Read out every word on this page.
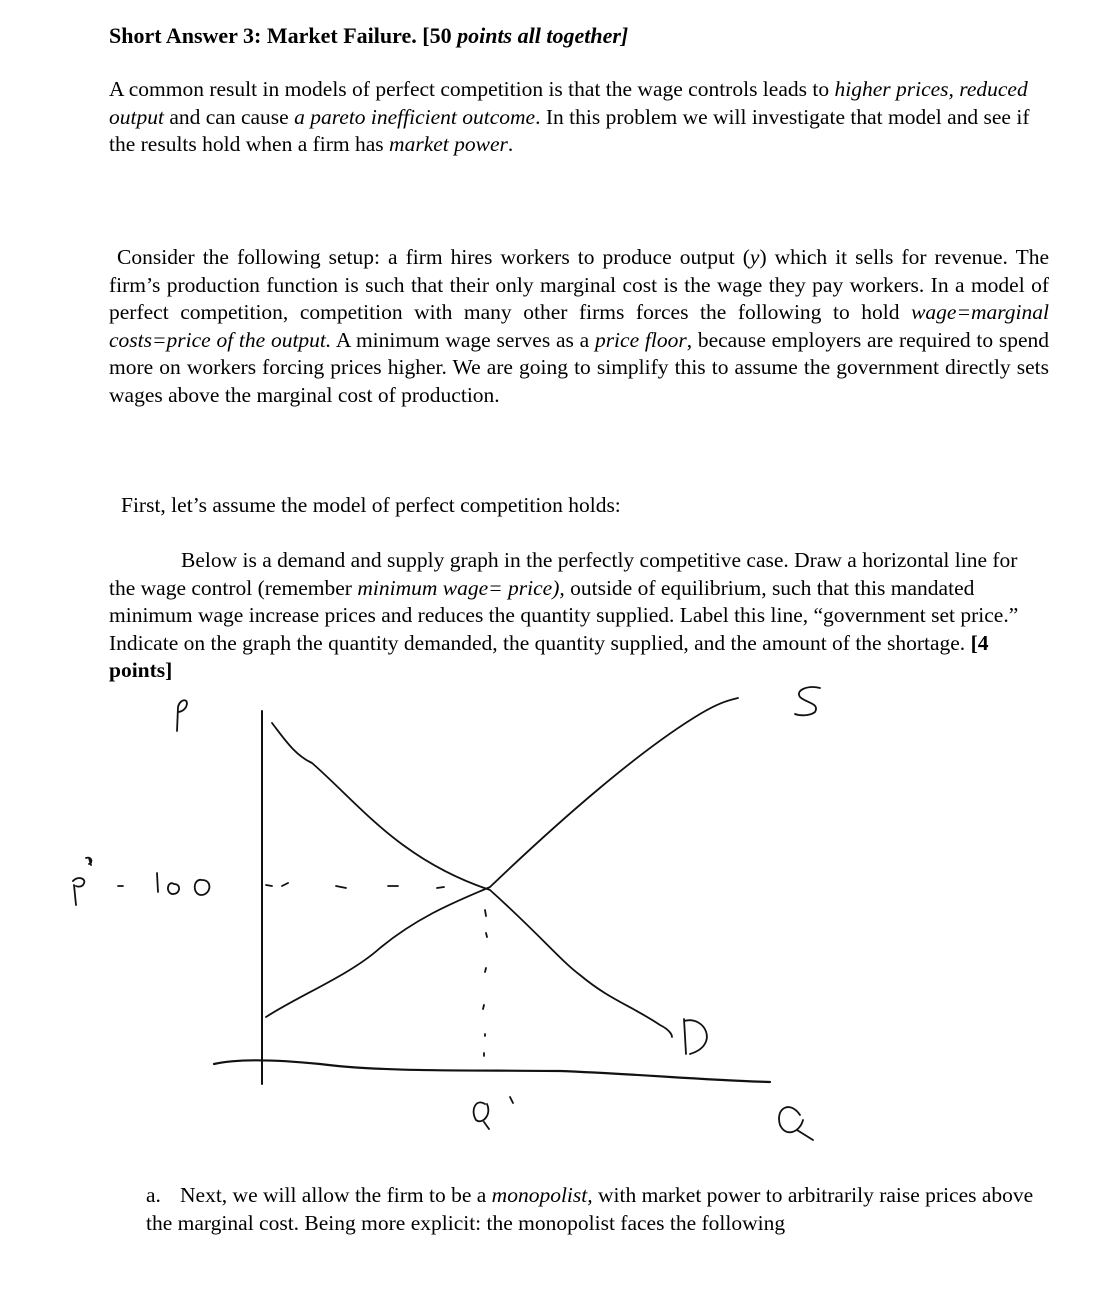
Short Answer 3: Market Failure. [50 points all together]

A common result in models of perfect competition is that the wage controls leads to higher prices, reduced output and can cause a pareto inefficient outcome. In this problem we will investigate that model and see if the results hold when a firm has market power.

Consider the following setup: a firm hires workers to produce output (y) which it sells for revenue. The firm’s production function is such that their only marginal cost is the wage they pay workers. In a model of perfect competition, competition with many other firms forces the following to hold wage=marginal costs=price of the output. A minimum wage serves as a price floor, because employers are required to spend more on workers forcing prices higher. We are going to simplify this to assume the government directly sets wages above the marginal cost of production.

First, let’s assume the model of perfect competition holds:

Below is a demand and supply graph in the perfectly competitive case. Draw a horizontal line for the wage control (remember minimum wage= price), outside of equilibrium, such that this mandated minimum wage increase prices and reduces the quantity supplied. Label this line, “government set price.” Indicate on the graph the quantity demanded, the quantity supplied, and the amount of the shortage. [4 points]

a. Next, we will allow the firm to be a monopolist, with market power to arbitrarily raise prices above the marginal cost. Being more explicit: the monopolist faces the following
